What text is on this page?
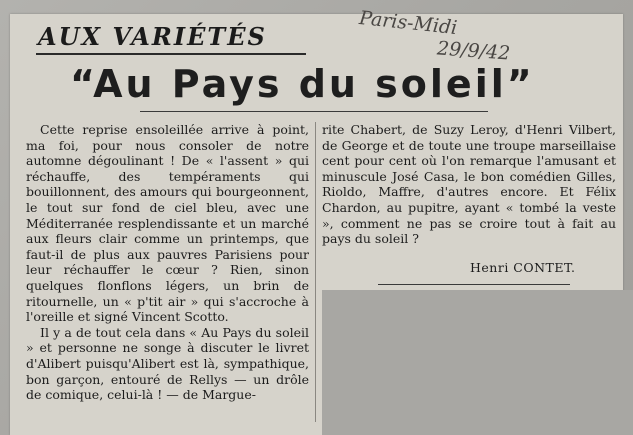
AUX VARIÉTÉS	Paris-Midi
29/9/42
“Au Pays du soleil”

Cette reprise ensoleillée arrive à point, ma foi, pour nous consoler de notre automne dégoulinant ! De « l'assent » qui réchauffe, des tempéraments qui bouillonnent, des amours qui bourgeonnent, le tout sur fond de ciel bleu, avec une Méditerranée resplendissante et un marché aux fleurs clair comme un printemps, que faut-il de plus aux pauvres Parisiens pour leur réchauffer le cœur ? Rien, sinon quelques flonflons légers, un brin de ritournelle, un « p'tit air » qui s'accroche à l'oreille et signé Vincent Scotto.

Il y a de tout cela dans « Au Pays du soleil » et personne ne songe à discuter le livret d'Alibert puisqu'Alibert est là, sympathique, bon garçon, entouré de Rellys — un drôle de comique, celui-là ! — de Margue-

rite Chabert, de Suzy Leroy, d'Henri Vilbert, de George et de toute une troupe marseillaise cent pour cent où l'on remarque l'amusant et minuscule José Casa, le bon comédien Gilles, Rioldo, Maffre, d'autres encore. Et Félix Chardon, au pupitre, ayant « tombé la veste », comment ne pas se croire tout à fait au pays du soleil ?

Henri CONTET.
